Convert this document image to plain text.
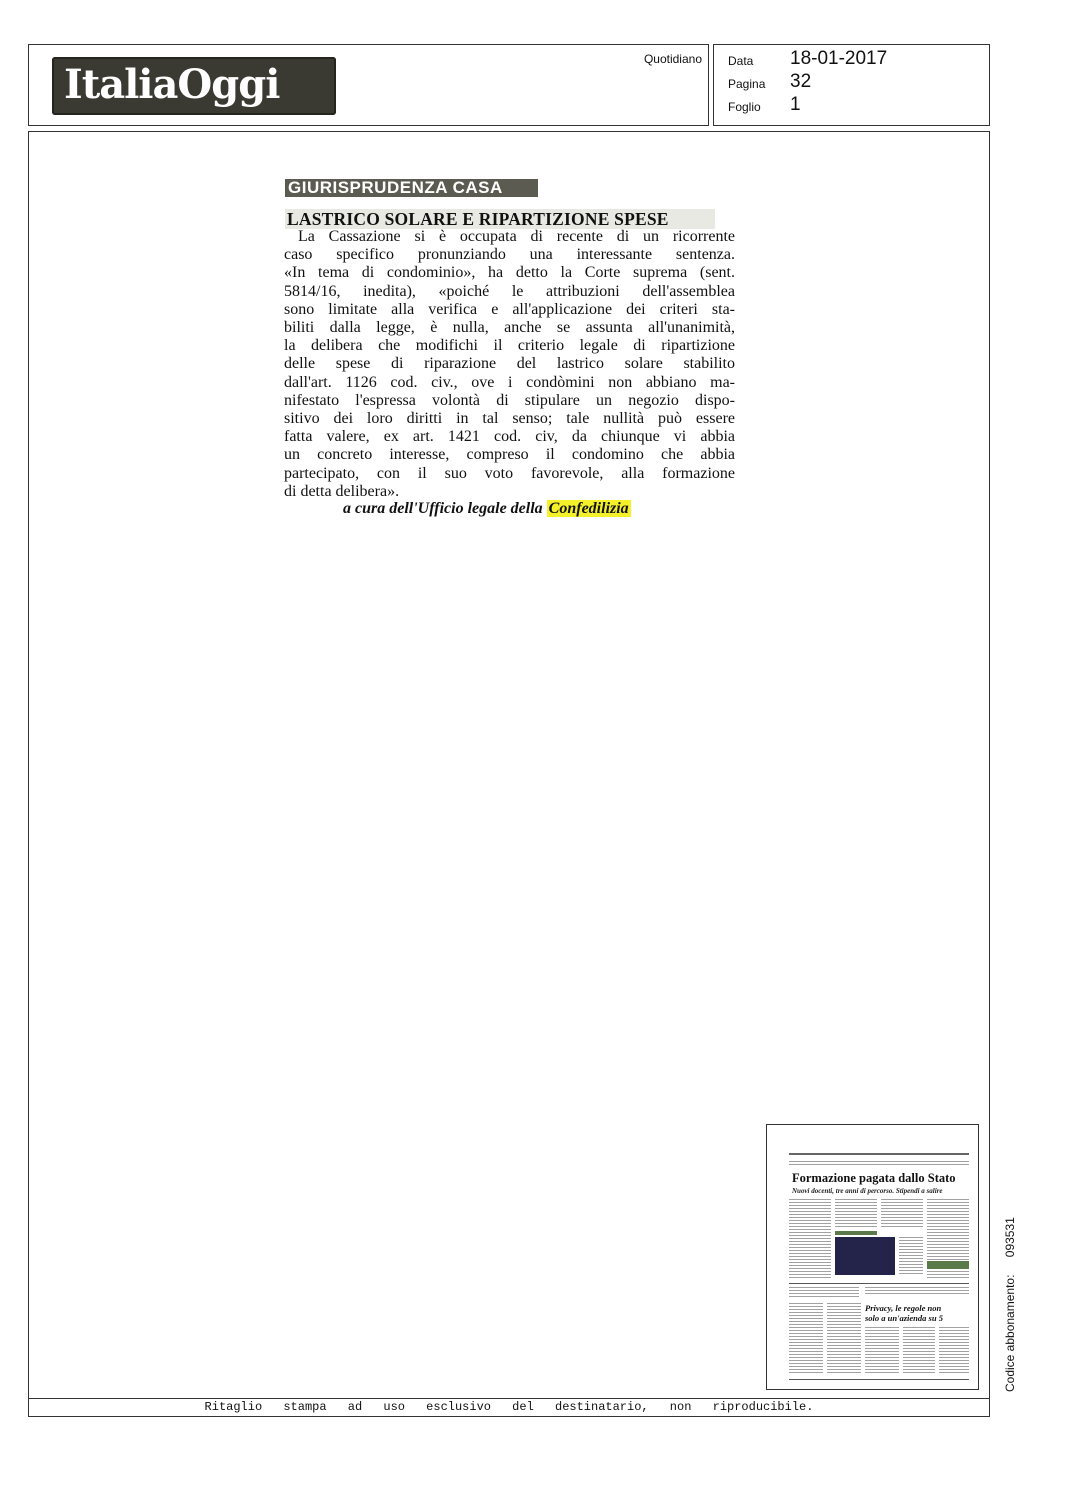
ItaliaOggi
Quotidiano Data 18-01-2017
Pagina 32
Foglio 1
GIURISPRUDENZA CASA
LASTRICO SOLARE E RIPARTIZIONE SPESE
La Cassazione si è occupata di recente di un ricorrente
caso specifico pronunziando una interessante sentenza.
«In tema di condominio», ha detto la Corte suprema (sent.
5814/16, inedita), «poiché le attribuzioni dell'assemblea
sono limitate alla verifica e all'applicazione dei criteri sta-
biliti dalla legge, è nulla, anche se assunta all'unanimità,
la delibera che modifichi il criterio legale di ripartizione
delle spese di riparazione del lastrico solare stabilito
dall'art. 1126 cod. civ., ove i condòmini non abbiano ma-
nifestato l'espressa volontà di stipulare un negozio dispo-
sitivo dei loro diritti in tal senso; tale nullità può essere
fatta valere, ex art. 1421 cod. civ, da chiunque vi abbia
un concreto interesse, compreso il condomino che abbia
partecipato, con il suo voto favorevole, alla formazione
di detta delibera».
a cura dell'Ufficio legale della Confedilizia
Formazione pagata dallo Stato
Nuovi docenti, tre anni di percorso. Stipendi a salire
Privacy, le regole non
solo a un'azienda su 5	Codice abbonamento: 093531
Ritaglio stampa ad uso esclusivo del destinatario, non riproducibile.
